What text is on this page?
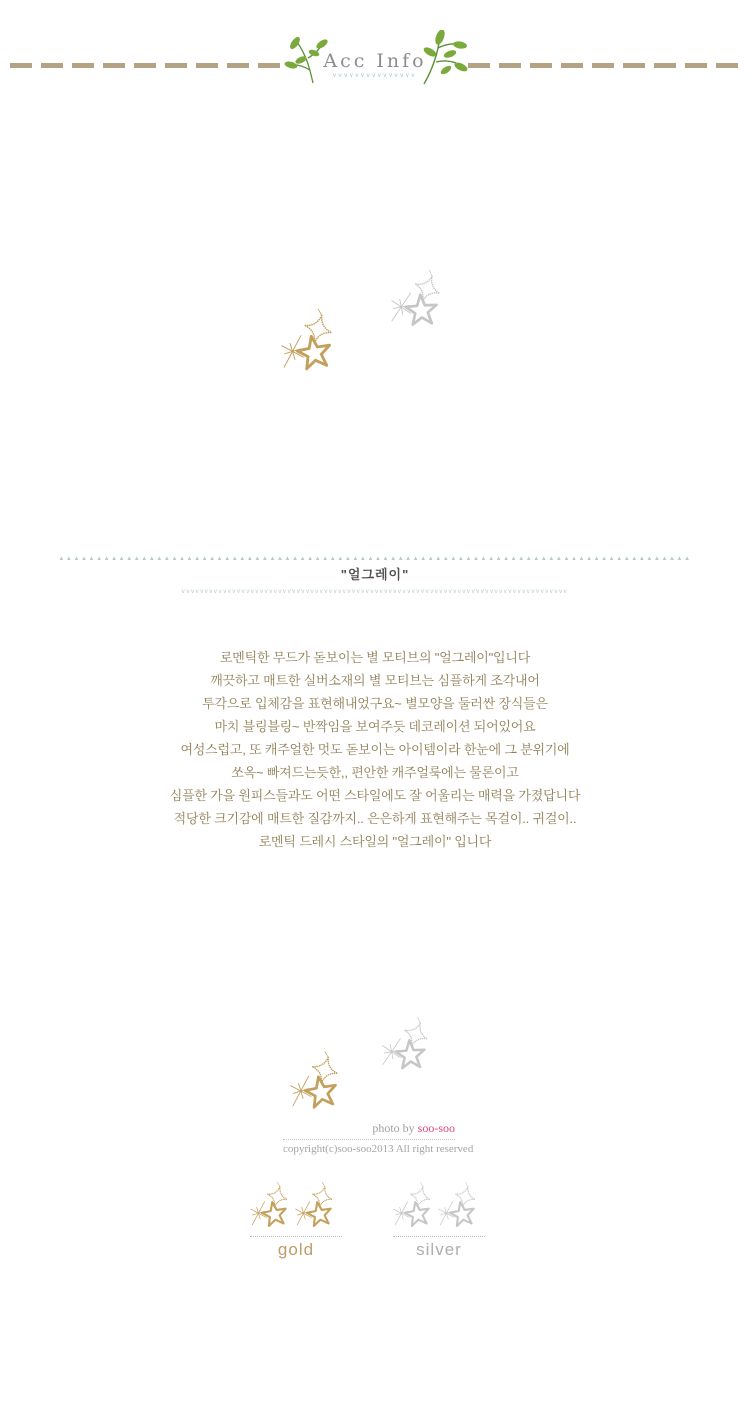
Acc Info
vvvvvvvvvvvvvvv
▲▲▲▲▲▲▲▲▲▲▲▲▲▲▲▲▲▲▲▲▲▲▲▲▲▲▲▲▲▲▲▲▲▲▲▲▲▲▲▲▲▲▲▲▲▲▲▲▲▲▲▲▲▲▲▲▲▲▲▲▲▲▲▲▲▲▲▲▲▲▲▲▲▲▲▲▲▲▲▲▲▲▲▲
"얼그레이"
vvvvvvvvvvvvvvvvvvvvvvvvvvvvvvvvvvvvvvvvvvvvvvvvvvvvvvvvvvvvvvvvvvvvvvvvvvvvvvvvvvvv
로멘틱한 무드가 돋보이는 별 모티브의 "얼그레이"입니다
깨끗하고 매트한 실버소재의 별 모티브는 심플하게 조각내어
투각으로 입체감을 표현해내었구요~ 별모양을 둘러싼 장식들은
마치 블링블링~ 반짝임을 보여주듯 데코레이션 되어있어요
여성스럽고, 또 캐주얼한 멋도 돋보이는 아이템이라 한눈에 그 분위기에
쏘옥~ 빠져드는듯한,, 편안한 캐주얼룩에는 물론이고
심플한 가을 원피스들과도 어떤 스타일에도 잘 어울리는 매력을 가졌답니다
적당한 크기감에 매트한 질감까지.. 은은하게 표현해주는 목걸이.. 귀걸이..
로멘틱 드레시 스타일의 "얼그레이" 입니다
photo by soo-soo
copyright(c)soo-soo2013 All right reserved
gold	silver
